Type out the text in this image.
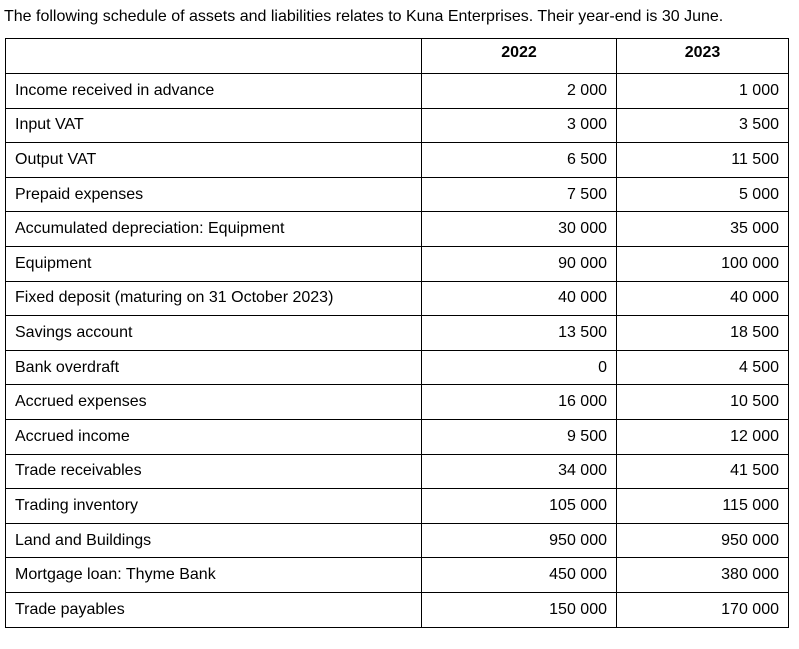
The following schedule of assets and liabilities relates to Kuna Enterprises. Their year-end is 30 June.
	2022	2023
Income received in advance	2 000	1 000
Input VAT	3 000	3 500
Output VAT	6 500	11 500
Prepaid expenses	7 500	5 000
Accumulated depreciation: Equipment	30 000	35 000
Equipment	90 000	100 000
Fixed deposit (maturing on 31 October 2023)	40 000	40 000
Savings account	13 500	18 500
Bank overdraft	0	4 500
Accrued expenses	16 000	10 500
Accrued income	9 500	12 000
Trade receivables	34 000	41 500
Trading inventory	105 000	115 000
Land and Buildings	950 000	950 000
Mortgage loan: Thyme Bank	450 000	380 000
Trade payables	150 000	170 000
